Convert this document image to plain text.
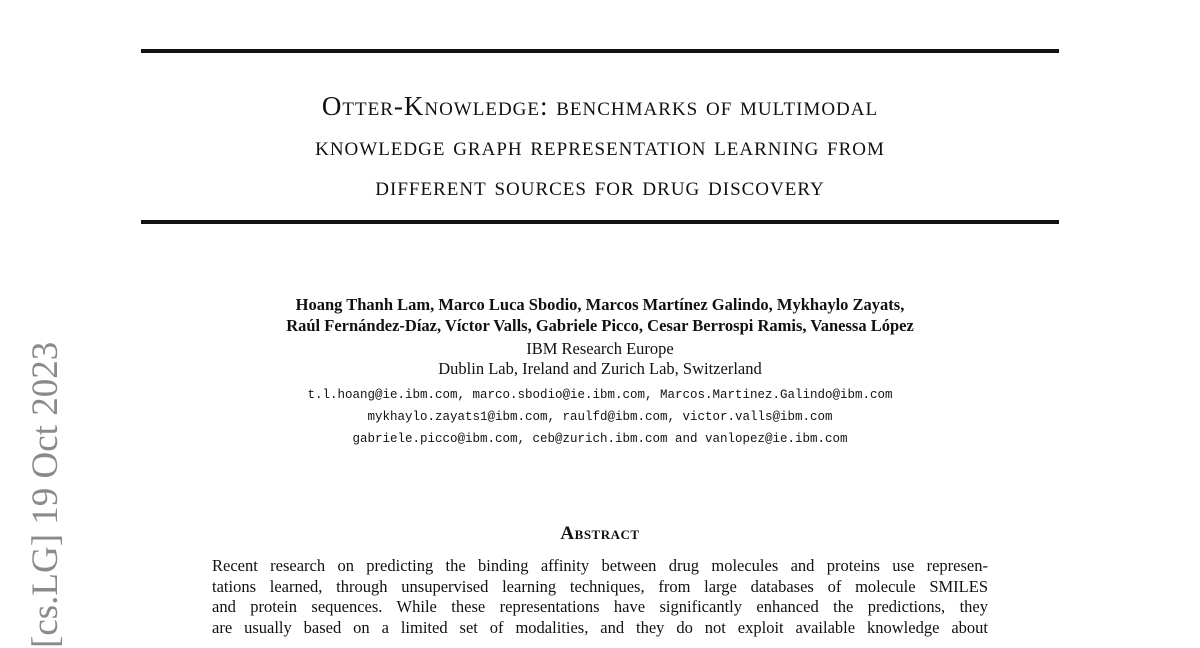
Otter-Knowledge: benchmarks of multimodal
knowledge graph representation learning from
different sources for drug discovery
[cs.LG] 19 Oct 2023
Hoang Thanh Lam, Marco Luca Sbodio, Marcos Martínez Galindo, Mykhaylo Zayats,
Raúl Fernández-Díaz, Víctor Valls, Gabriele Picco, Cesar Berrospi Ramis, Vanessa López
IBM Research Europe
Dublin Lab, Ireland and Zurich Lab, Switzerland
t.l.hoang@ie.ibm.com, marco.sbodio@ie.ibm.com, Marcos.Martinez.Galindo@ibm.com
mykhaylo.zayats1@ibm.com, raulfd@ibm.com, victor.valls@ibm.com
gabriele.picco@ibm.com, ceb@zurich.ibm.com and vanlopez@ie.ibm.com
Abstract
Recent research on predicting the binding affinity between drug molecules and proteins use represen-
tations learned, through unsupervised learning techniques, from large databases of molecule SMILES
and protein sequences. While these representations have significantly enhanced the predictions, they
are usually based on a limited set of modalities, and they do not exploit available knowledge about
